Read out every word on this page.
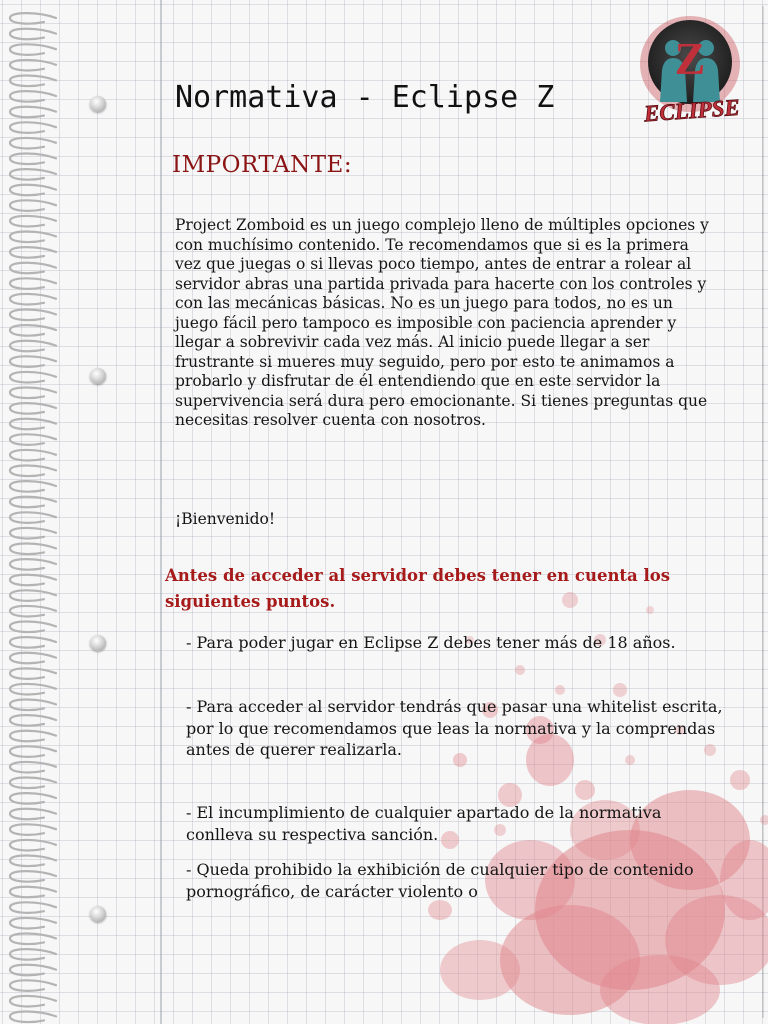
Z
ECLIPSE
Normativa - Eclipse Z
IMPORTANTE:

Project Zomboid es un juego complejo lleno de múltiples opciones y con muchísimo contenido. Te recomendamos que si es la primera vez que juegas o si llevas poco tiempo, antes de entrar a rolear al servidor abras una partida privada para hacerte con los controles y con las mecánicas básicas. No es un juego para todos, no es un juego fácil pero tampoco es imposible con paciencia aprender y llegar a sobrevivir cada vez más. Al inicio puede llegar a ser frustrante si mueres muy seguido, pero por esto te animamos a probarlo y disfrutar de él entendiendo que en este servidor la supervivencia será dura pero emocionante. Si tienes preguntas que necesitas resolver cuenta con nosotros.

¡Bienvenido!

Antes de acceder al servidor debes tener en cuenta los siguientes puntos.

- Para poder jugar en Eclipse Z debes tener más de 18 años.

- Para acceder al servidor tendrás que pasar una whitelist escrita, por lo que recomendamos que leas la normativa y la comprendas antes de querer realizarla.

- El incumplimiento de cualquier apartado de la normativa conlleva su respectiva sanción.

- Queda prohibido la exhibición de cualquier tipo de contenido pornográfico, de carácter violento o
